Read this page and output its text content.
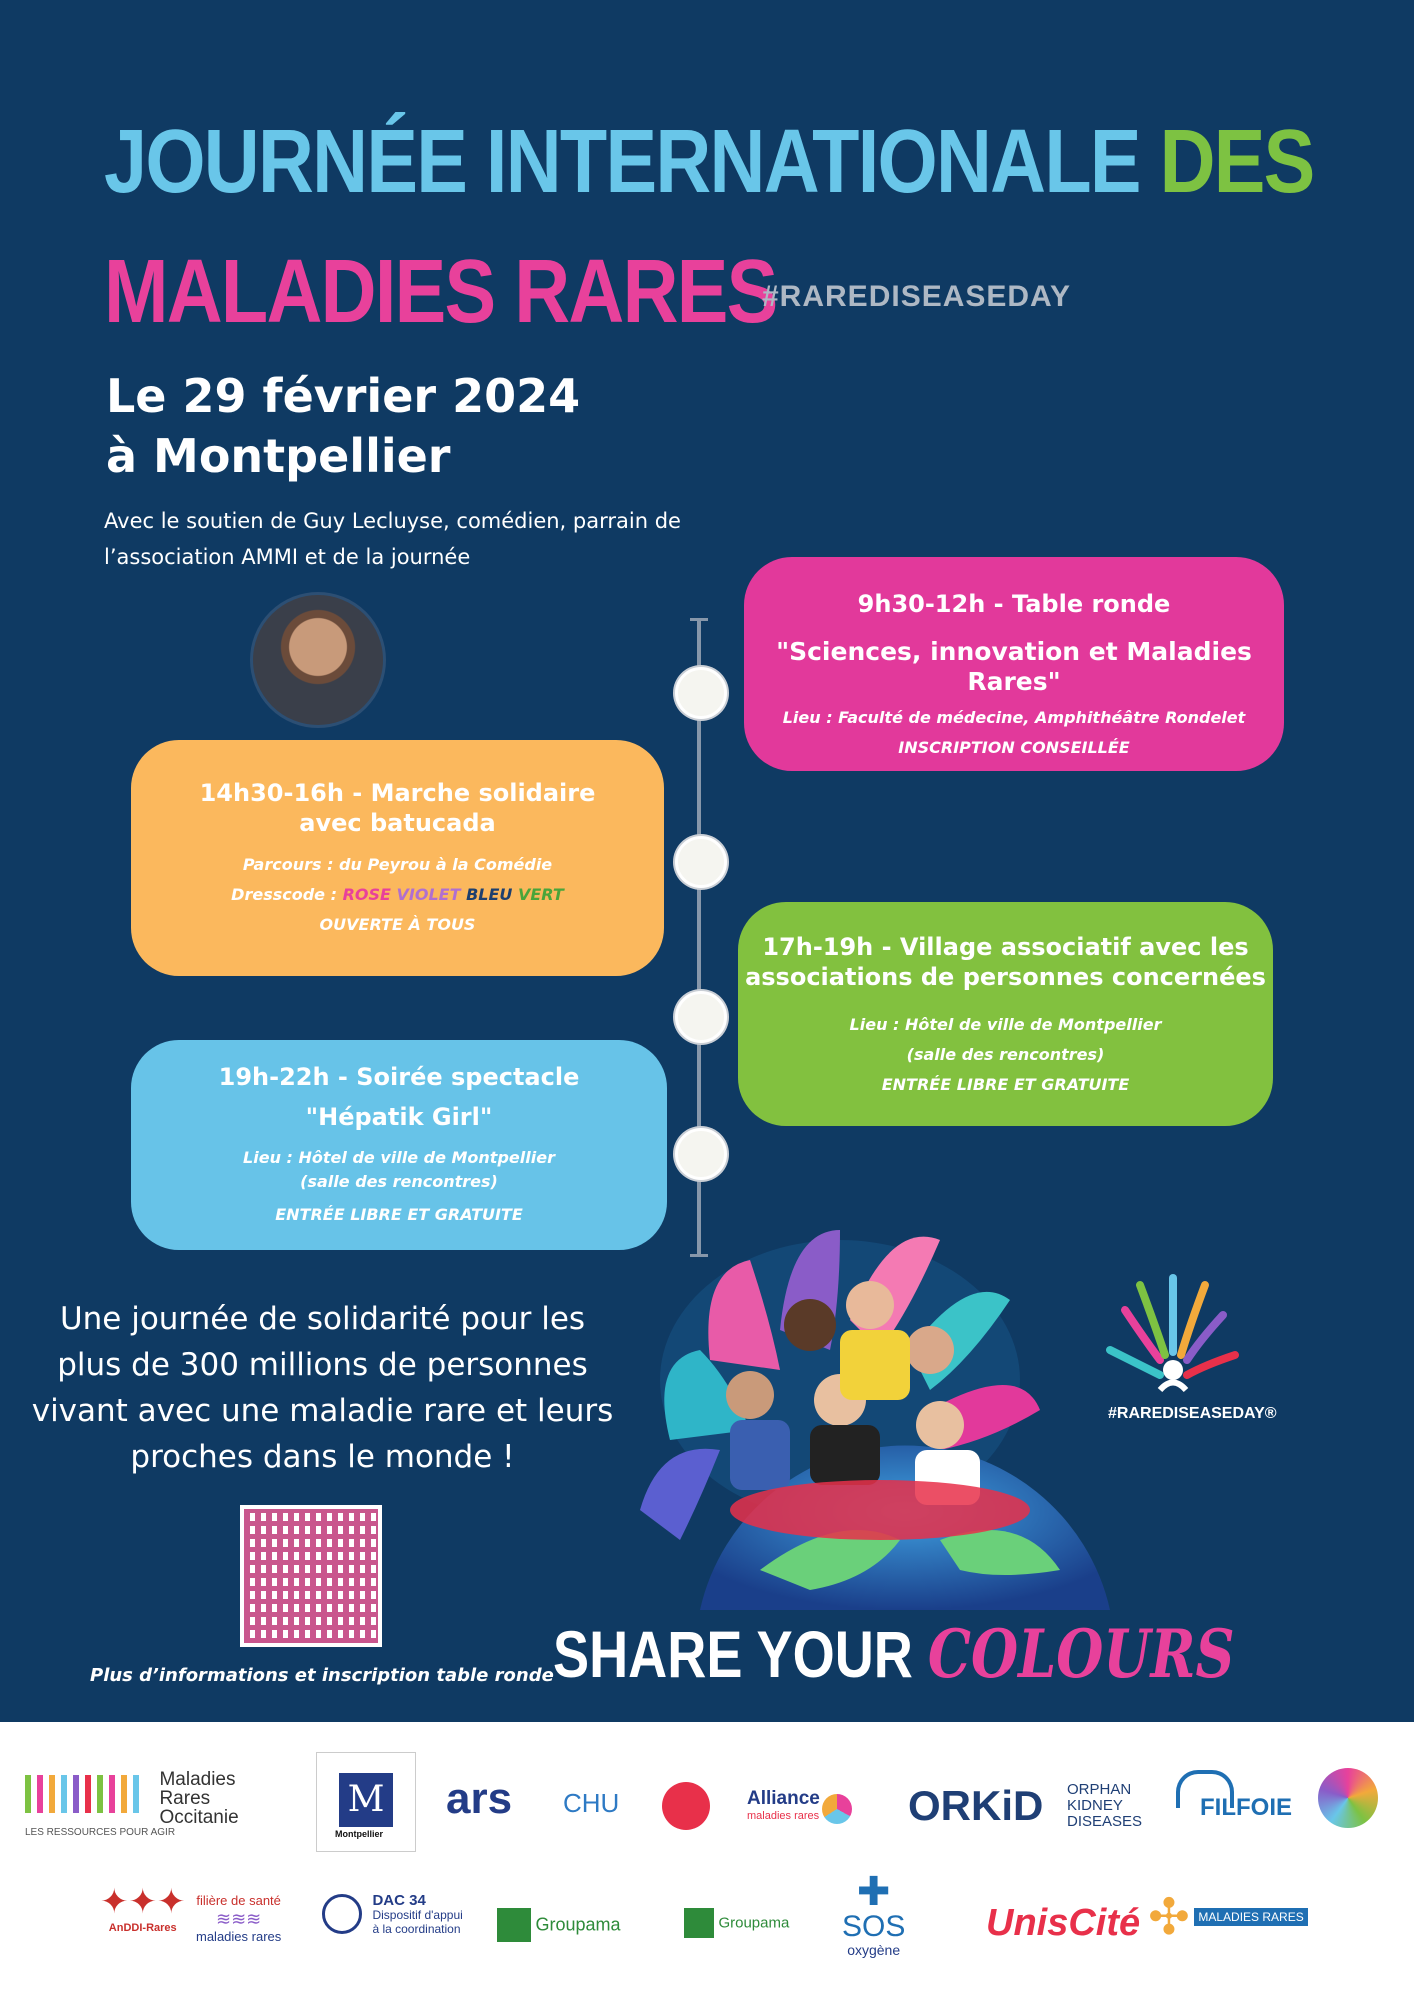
JOURNÉE INTERNATIONALE DES
MALADIES RARES
#RAREDISEASEDAY
Le 29 février 2024
à Montpellier
Avec le soutien de Guy Lecluyse, comédien, parrain de l’association AMMI et de la journée
9h30-12h - Table ronde
"Sciences, innovation et Maladies Rares"
Lieu : Faculté de médecine, Amphithéâtre Rondelet
INSCRIPTION CONSEILLÉE
14h30-16h - Marche solidaire
avec batucada
Parcours : du Peyrou à la Comédie
Dresscode : ROSE VIOLET BLEU VERT
OUVERTE À TOUS
17h-19h - Village associatif avec les
associations de personnes concernées
Lieu : Hôtel de ville de Montpellier
(salle des rencontres)
ENTRÉE LIBRE ET GRATUITE
19h-22h - Soirée spectacle
"Hépatik Girl"
Lieu : Hôtel de ville de Montpellier
(salle des rencontres)
ENTRÉE LIBRE ET GRATUITE
Une journée de solidarité pour les plus de 300 millions de personnes vivant avec une maladie rare et leurs proches dans le monde !
Plus d’informations et inscription table ronde
#RAREDISEASEDAY®
SHARE YOUR COLOURS
Maladies
Rares
Occitanie
LES RESSOURCES POUR AGIR
M
Montpellier
ars CHU	Alliance
maladies rares ORKiD ORPHAN
KIDNEY
DISEASES
FILFOIE
✦✦✦
AnDDI-Rares
filière de santé
≋≋≋
maladies rares
DAC 34
Dispositif d'appui
à la coordination	Groupama	Groupama
✚
SOS
oxygène
UnisCité ✣ MALADIES RARES
